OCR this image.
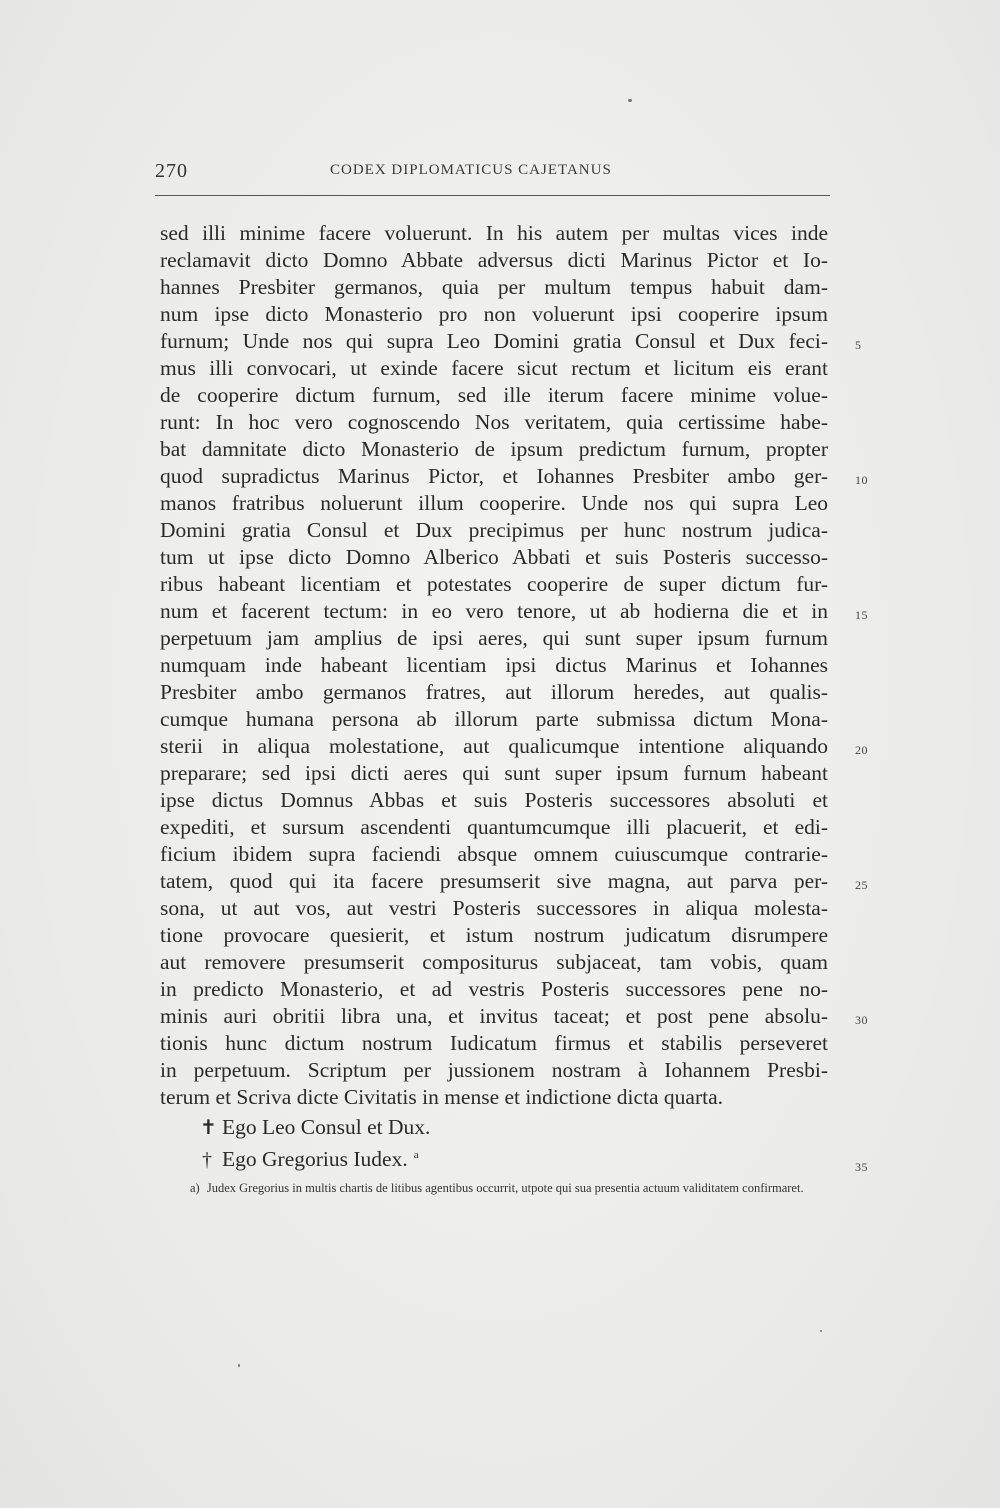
270	CODEX DIPLOMATICUS CAJETANUS
sed illi minime facere voluerunt. In his autem per multas vices inde
reclamavit dicto Domno Abbate adversus dicti Marinus Pictor et Io-
hannes Presbiter germanos, quia per multum tempus habuit dam-
num ipse dicto Monasterio pro non voluerunt ipsi cooperire ipsum
furnum; Unde nos qui supra Leo Domini gratia Consul et Dux feci- 5
mus illi convocari, ut exinde facere sicut rectum et licitum eis erant
de cooperire dictum furnum, sed ille iterum facere minime volue-
runt: In hoc vero cognoscendo Nos veritatem, quia certissime habe-
bat damnitate dicto Monasterio de ipsum predictum furnum, propter
quod supradictus Marinus Pictor, et Iohannes Presbiter ambo ger- 10
manos fratribus noluerunt illum cooperire. Unde nos qui supra Leo
Domini gratia Consul et Dux precipimus per hunc nostrum judica-
tum ut ipse dicto Domno Alberico Abbati et suis Posteris successo-
ribus habeant licentiam et potestates cooperire de super dictum fur-
num et facerent tectum: in eo vero tenore, ut ab hodierna die et in 15
perpetuum jam amplius de ipsi aeres, qui sunt super ipsum furnum
numquam inde habeant licentiam ipsi dictus Marinus et Iohannes
Presbiter ambo germanos fratres, aut illorum heredes, aut qualis-
cumque humana persona ab illorum parte submissa dictum Mona-
sterii in aliqua molestatione, aut qualicumque intentione aliquando 20
preparare; sed ipsi dicti aeres qui sunt super ipsum furnum habeant
ipse dictus Domnus Abbas et suis Posteris successores absoluti et
expediti, et sursum ascendenti quantumcumque illi placuerit, et edi-
ficium ibidem supra faciendi absque omnem cuiuscumque contrarie-
tatem, quod qui ita facere presumserit sive magna, aut parva per- 25
sona, ut aut vos, aut vestri Posteris successores in aliqua molesta-
tione provocare quesierit, et istum nostrum judicatum disrumpere
aut removere presumserit compositurus subjaceat, tam vobis, quam
in predicto Monasterio, et ad vestris Posteris successores pene no-
minis auri obritii libra una, et invitus taceat; et post pene absolu- 30
tionis hunc dictum nostrum Iudicatum firmus et stabilis perseveret
in perpetuum. Scriptum per jussionem nostram à Iohannem Presbi-
terum et Scriva dicte Civitatis in mense et indictione dicta quarta.
✝ Ego Leo Consul et Dux.
† Ego Gregorius Iudex. $^a$
35
a) Judex Gregorius in multis chartis de litibus agentibus occurrit, utpote qui sua presentia actuum validitatem confirmaret.
